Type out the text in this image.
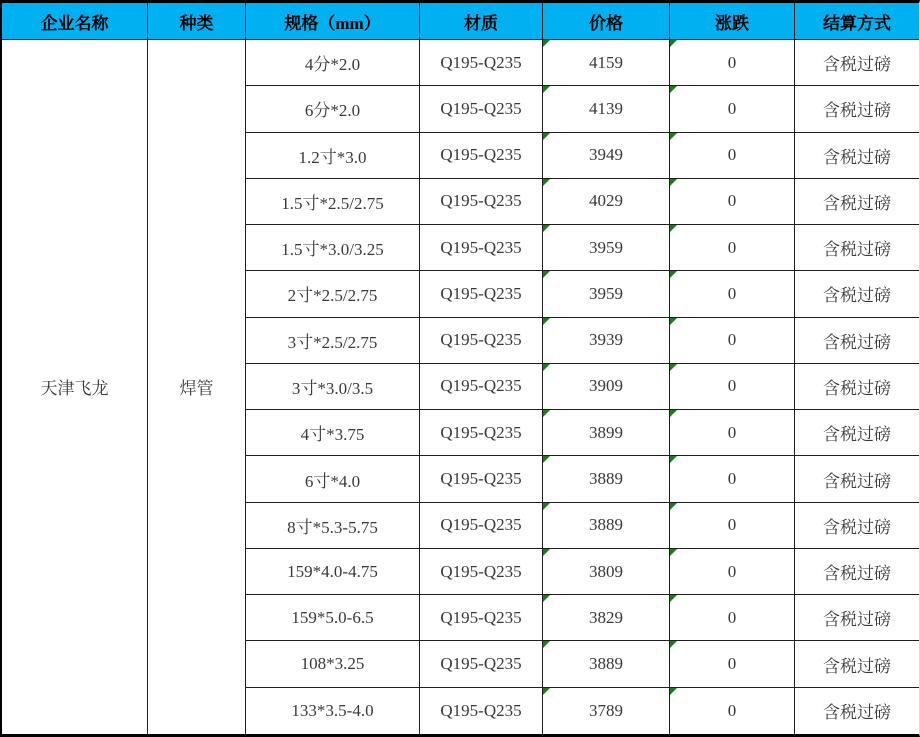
企业名称	种类	规格（mm）	材质	价格	涨跌	结算方式
天津飞龙	焊管
4分*2.0	Q195-Q235	4159	0	含税过磅
6分*2.0	Q195-Q235	4139	0	含税过磅
1.2寸*3.0	Q195-Q235	3949	0	含税过磅
1.5寸*2.5/2.75	Q195-Q235	4029	0	含税过磅
1.5寸*3.0/3.25	Q195-Q235	3959	0	含税过磅
2寸*2.5/2.75	Q195-Q235	3959	0	含税过磅
3寸*2.5/2.75	Q195-Q235	3939	0	含税过磅
3寸*3.0/3.5	Q195-Q235	3909	0	含税过磅
4寸*3.75	Q195-Q235	3899	0	含税过磅
6寸*4.0	Q195-Q235	3889	0	含税过磅
8寸*5.3-5.75	Q195-Q235	3889	0	含税过磅
159*4.0-4.75	Q195-Q235	3809	0	含税过磅
159*5.0-6.5	Q195-Q235	3829	0	含税过磅
108*3.25	Q195-Q235	3889	0	含税过磅
133*3.5-4.0	Q195-Q235	3789	0	含税过磅
